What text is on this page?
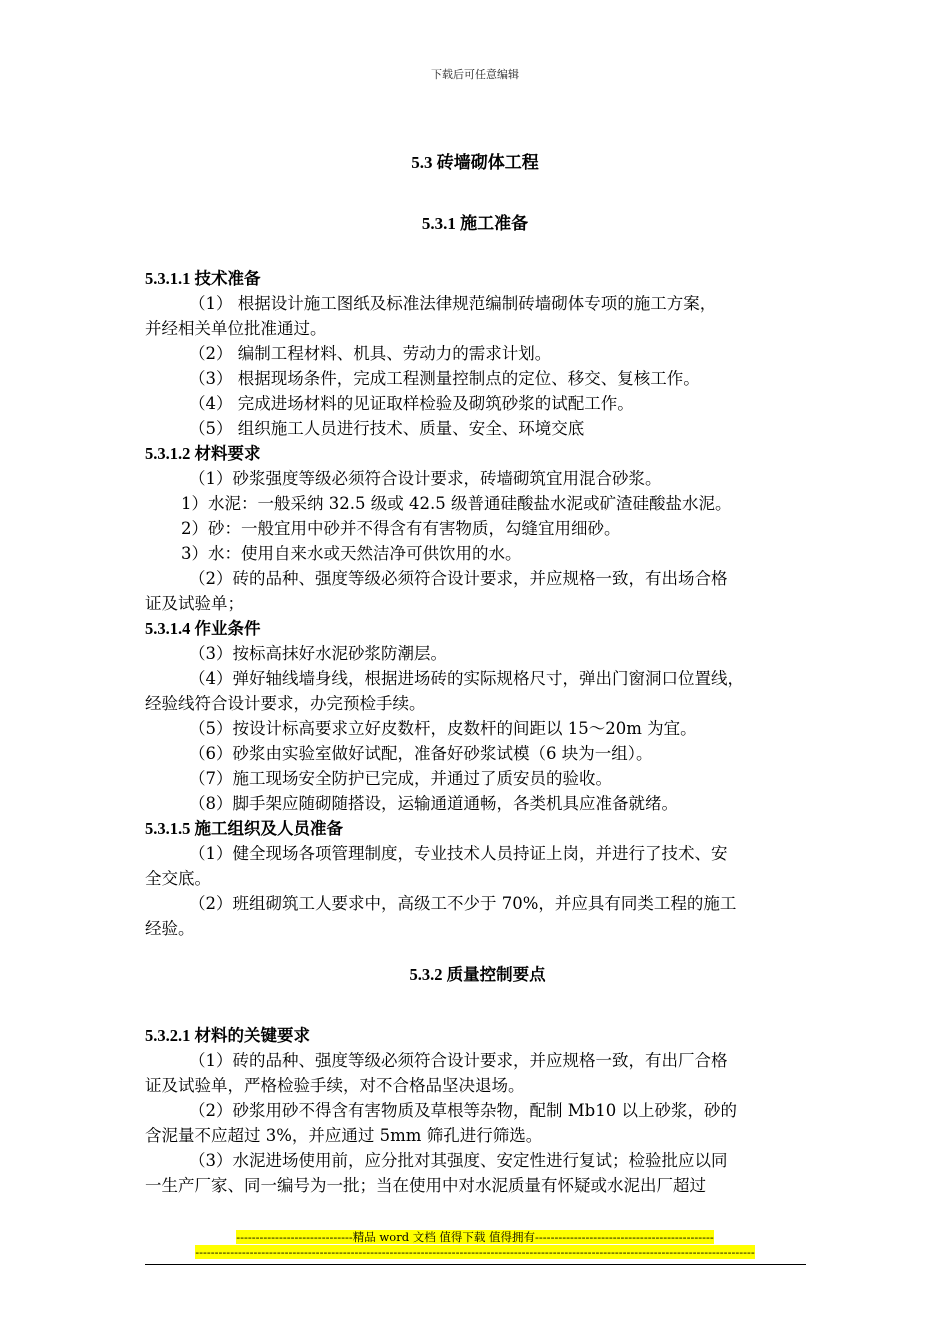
下载后可任意编辑
5.3 砖墙砌体工程
5.3.1 施工准备

5.3.1.1 技术准备

（1） 根据设计施工图纸及标准法律规范编制砖墙砌体专项的施工方案，

并经相关单位批准通过。

（2） 编制工程材料、机具、劳动力的需求计划。

（3） 根据现场条件，完成工程测量控制点的定位、移交、复核工作。

（4） 完成进场材料的见证取样检验及砌筑砂浆的试配工作。

（5） 组织施工人员进行技术、质量、安全、环境交底

5.3.1.2 材料要求

（1）砂浆强度等级必须符合设计要求，砖墙砌筑宜用混合砂浆。

1）水泥：一般采纳 32.5 级或 42.5 级普通硅酸盐水泥或矿渣硅酸盐水泥。

2）砂：一般宜用中砂并不得含有有害物质，勾缝宜用细砂。

3）水：使用自来水或天然洁净可供饮用的水。

（2）砖的品种、强度等级必须符合设计要求，并应规格一致，有出场合格

证及试验单；

5.3.1.4 作业条件

（3）按标高抹好水泥砂浆防潮层。

（4）弹好轴线墙身线，根据进场砖的实际规格尺寸，弹出门窗洞口位置线，

经验线符合设计要求，办完预检手续。

（5）按设计标高要求立好皮数杆，皮数杆的间距以 15～20m 为宜。

（6）砂浆由实验室做好试配，准备好砂浆试模（6 块为一组）。

（7）施工现场安全防护已完成，并通过了质安员的验收。

（8）脚手架应随砌随搭设，运输通道通畅，各类机具应准备就绪。

5.3.1.5 施工组织及人员准备

（1）健全现场各项管理制度，专业技术人员持证上岗，并进行了技术、安

全交底。

（2）班组砌筑工人要求中，高级工不少于 70%，并应具有同类工程的施工

经验。

5.3.2 质量控制要点

5.3.2.1 材料的关键要求

（1）砖的品种、强度等级必须符合设计要求，并应规格一致，有出厂合格

证及试验单，严格检验手续，对不合格品坚决退场。

（2）砂浆用砂不得含有害物质及草根等杂物，配制 Mb10 以上砂浆，砂的

含泥量不应超过 3%，并应通过 5mm 筛孔进行筛选。

（3）水泥进场使用前，应分批对其强度、安定性进行复试；检验批应以同

一生产厂家、同一编号为一批；当在使用中对水泥质量有怀疑或水泥出厂超过

------------------------------精品 word 文档 值得下载 值得拥有----------------------------------------------
------------------------------------------------------------------------------------------------------------------------------------------------
